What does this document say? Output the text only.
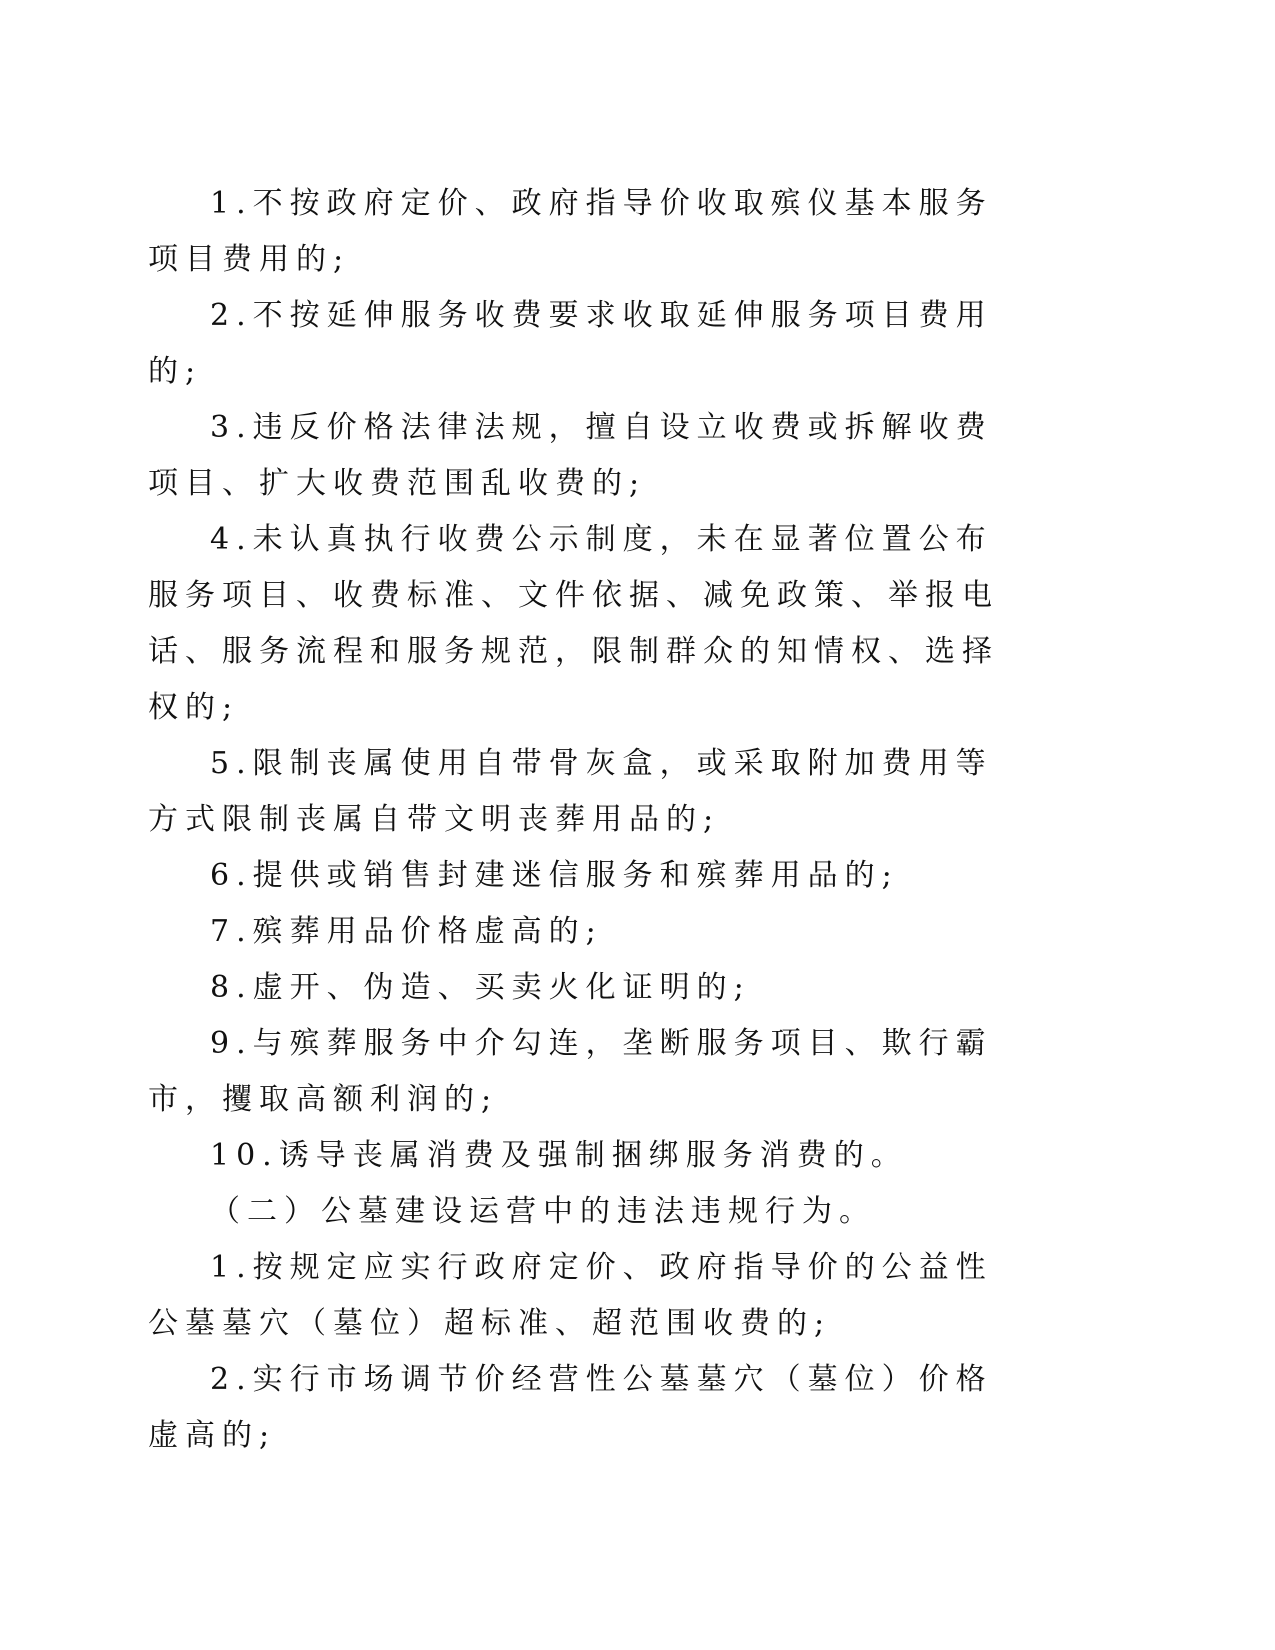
1.不按政府定价、政府指导价收取殡仪基本服务项目费用的;

2.不按延伸服务收费要求收取延伸服务项目费用的;

3.违反价格法律法规，擅自设立收费或拆解收费项目、扩大收费范围乱收费的;

4.未认真执行收费公示制度，未在显著位置公布服务项目、收费标准、文件依据、减免政策、举报电话、服务流程和服务规范，限制群众的知情权、选择权的;

5.限制丧属使用自带骨灰盒，或采取附加费用等方式限制丧属自带文明丧葬用品的;

6.提供或销售封建迷信服务和殡葬用品的;

7.殡葬用品价格虚高的;

8.虚开、伪造、买卖火化证明的;

9.与殡葬服务中介勾连，垄断服务项目、欺行霸市，攫取高额利润的;

10.诱导丧属消费及强制捆绑服务消费的。

（二）公墓建设运营中的违法违规行为。

1.按规定应实行政府定价、政府指导价的公益性公墓墓穴（墓位）超标准、超范围收费的;

2.实行市场调节价经营性公墓墓穴（墓位）价格虚高的;
